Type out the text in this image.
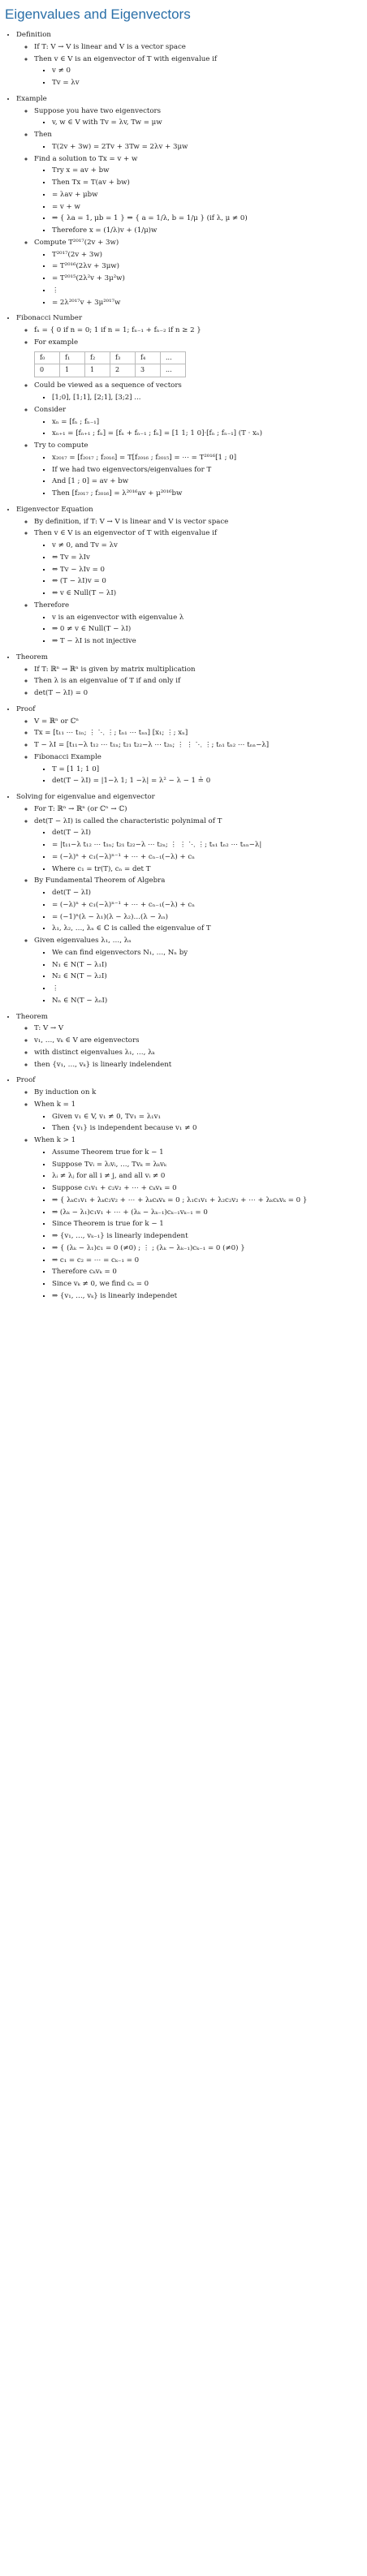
Eigenvalues and Eigenvectors
• Definition
◦ If T: V → V is linear and V is a vector space
◦ Then v ∈ V is an eigenvector of T with eigenvalue if
▪ v ≠ 0
▪ Tv = λv
• Example
◦ Suppose you have two eigenvectors
▪ v, w ∈ V with Tv = λv, Tw = μw
◦ Then
▪ T(2v + 3w) = 2Tv + 3Tw = 2λv + 3μw
◦ Find a solution to Tx = v + w
▪ Try x = av + bw
▪ Then Tx = T(av + bw)
▪ = λav + μbw
▪ = v + w
▪ ⇒ { λa = 1, μb = 1 } ⇒ { a = 1/λ, b = 1/μ } (if λ, μ ≠ 0)
▪ Therefore x = (1/λ)v + (1/μ)w
◦ Compute T²⁰¹⁷(2v + 3w)
▪ T²⁰¹⁷(2v + 3w)
▪ = T²⁰¹⁶(2λv + 3μw)
▪ = T²⁰¹⁵(2λ²v + 3μ²w)
▪ ⋮
▪ = 2λ²⁰¹⁷v + 3μ²⁰¹⁷w
• Fibonacci Number
◦ fₙ = { 0 if n = 0; 1 if n = 1; fₙ₋₁ + fₙ₋₂ if n ≥ 2 }
◦ For example
f₀	f₁	f₂	f₃	f₄	...
0	1	1	2	3	...
◦ Could be viewed as a sequence of vectors
▪ [1;0], [1;1], [2;1], [3;2] ...
◦ Consider
▪ xₙ = [fₙ ; fₙ₋₁]
▪ xₙ₊₁ = [fₙ₊₁ ; fₙ] = [fₙ + fₙ₋₁ ; fₙ] = [1 1; 1 0]·[fₙ ; fₙ₋₁] (T · xₙ)
◦ Try to compute
▪ x₂₀₁₇ = [f₂₀₁₇ ; f₂₀₁₆] = T[f₂₀₁₆ ; f₂₀₁₅] = ⋯ = T²⁰¹⁶[1 ; 0]
▪ If we had two eigenvectors/eigenvalues for T
▪ And [1 ; 0] = av + bw
▪ Then [f₂₀₁₇ ; f₂₀₁₆] = λ²⁰¹⁶av + μ²⁰¹⁶bw
• Eigenvector Equation
◦ By definition, if T: V → V is linear and V is vector space
◦ Then v ∈ V is an eigenvector of T with eigenvalue if
▪ v ≠ 0, and Tv = λv
▪ ⇔ Tv = λIv
▪ ⇔ Tv − λIv = 0
▪ ⇔ (T − λI)v = 0
▪ ⇔ v ∈ Null(T − λI)
◦ Therefore
▪ v is an eigenvector with eigenvalue λ
▪ ⇒ 0 ≠ v ∈ Null(T − λI)
▪ ⇒ T − λI is not injective
• Theorem
◦ If T: ℝⁿ → ℝⁿ is given by matrix multiplication
◦ Then λ is an eigenvalue of T if and only if
◦ det(T − λI) = 0
• Proof
◦ V = ℝⁿ or ℂⁿ
◦ Tx = [t₁₁ ⋯ t₁ₙ; ⋮ ⋱ ⋮; tₙ₁ ⋯ tₙₙ] [x₁; ⋮; xₙ]
◦ T − λI = [t₁₁−λ t₁₂ ⋯ t₁ₙ; t₂₁ t₂₂−λ ⋯ t₂ₙ; ⋮ ⋮ ⋱ ⋮; tₙ₁ tₙ₂ ⋯ tₙₙ−λ]
◦ Fibonacci Example
▪ T = [1 1; 1 0]
▪ det(T − λI) = |1−λ 1; 1 −λ| = λ² − λ − 1 ≟ 0
• Solving for eigenvalue and eigenvector
◦ For T: ℝⁿ → ℝⁿ (or ℂⁿ → ℂ)
◦ det(T − λI) is called the characteristic polynimal of T
▪ det(T − λI)
▪ = |t₁₁−λ t₁₂ ⋯ t₁ₙ; t₂₁ t₂₂−λ ⋯ t₂ₙ; ⋮ ⋮ ⋱ ⋮; tₙ₁ tₙ₂ ⋯ tₙₙ−λ|
▪ = (−λ)ⁿ + c₁(−λ)ⁿ⁻¹ + ⋯ + cₙ₋₁(−λ) + cₙ
▪ Where c₁ = tr(T), cₙ = det T
◦ By Fundamental Theorem of Algebra
▪ det(T − λI)
▪ = (−λ)ⁿ + c₁(−λ)ⁿ⁻¹ + ⋯ + cₙ₋₁(−λ) + cₙ
▪ = (−1)ⁿ(λ − λ₁)(λ − λ₂)…(λ − λₙ)
▪ λ₁, λ₂, …, λₙ ∈ ℂ is called the eigenvalue of T
◦ Given eigenvalues λ₁, …, λₙ
▪ We can find eigenvectors N₁, …, Nₙ by
▪ N₁ ∈ N(T − λ₁I)
▪ N₂ ∈ N(T − λ₂I)
▪ ⋮
▪ Nₙ ∈ N(T − λₙI)
• Theorem
◦ T: V → V
◦ v₁, …, vₖ ∈ V are eigenvectors
◦ with distinct eigenvalues λ₁, …, λₖ
◦ then {v₁, …, vₖ} is linearly indelendent
• Proof
◦ By induction on k
◦ When k = 1
▪ Given v₁ ∈ V, v₁ ≠ 0, Tv₁ = λ₁v₁
▪ Then {v₁} is independent because v₁ ≠ 0
◦ When k > 1
▪ Assume Theorem true for k − 1
▪ Suppose Tvᵢ = λᵢvᵢ, …, Tvₖ = λₖvₖ
▪ λᵢ ≠ λⱼ for all i ≠ j, and all vᵢ ≠ 0
▪ Suppose c₁v₁ + c₂v₂ + ⋯ + cₖvₖ = 0
▪ ⇒ { λₖc₁v₁ + λₖc₂v₂ + ⋯ + λₖcₖvₖ = 0 ; λ₁c₁v₁ + λ₂c₂v₂ + ⋯ + λₖcₖvₖ = 0 }
▪ ⇒ (λₖ − λ₁)c₁v₁ + ⋯ + (λₖ − λₖ₋₁)cₖ₋₁vₖ₋₁ = 0
▪ Since Theorem is true for k − 1
▪ ⇒ {v₁, …, vₖ₋₁} is linearly independent
▪ ⇒ { (λₖ − λ₁)c₁ = 0 (≠0) ; ⋮ ; (λₖ − λₖ₋₁)cₖ₋₁ = 0 (≠0) }
▪ ⇒ c₁ = c₂ = ⋯ = cₖ₋₁ = 0
▪ Therefore cₖvₖ = 0
▪ Since vₖ ≠ 0, we find cₖ = 0
▪ ⇒ {v₁, …, vₖ} is linearly independet
